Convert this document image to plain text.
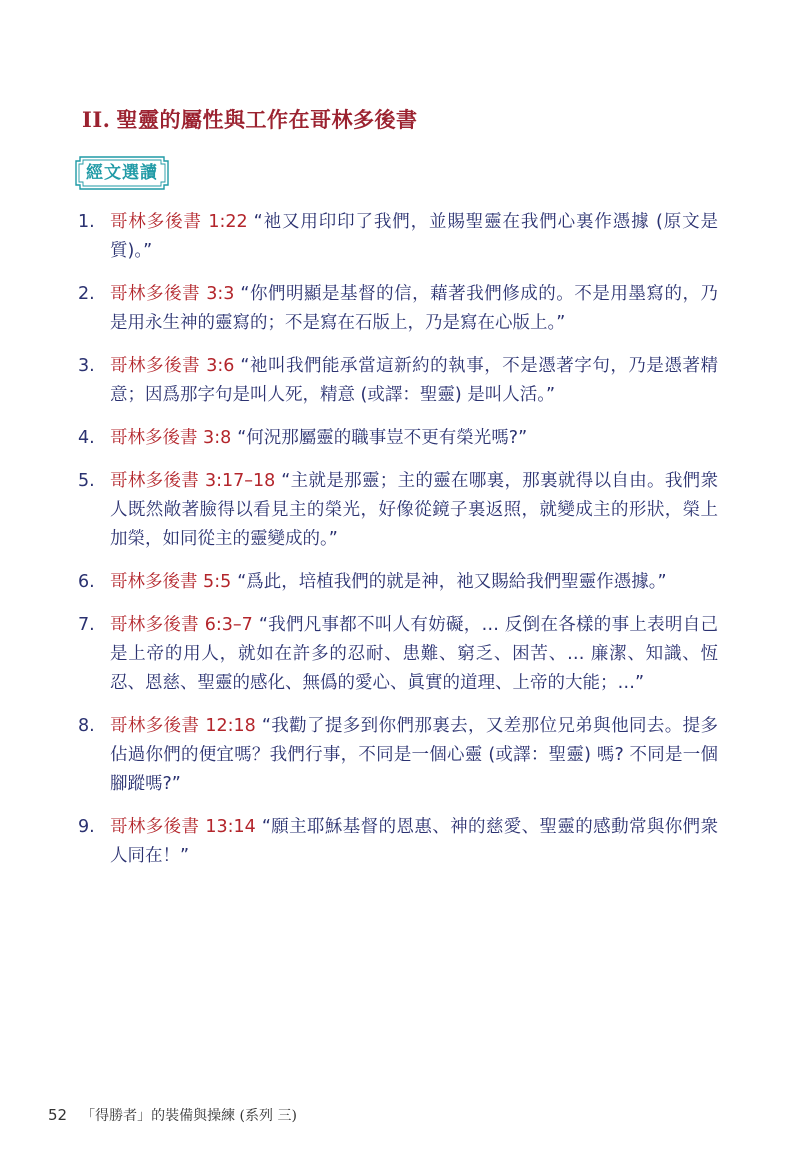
II. 聖靈的屬性與工作在哥林多後書
經文選讀
1. 哥林多後書 1:22 “祂又用印印了我們，並賜聖靈在我們心裏作憑據 (原文是質)。”
2. 哥林多後書 3:3 “你們明顯是基督的信，藉著我們修成的。不是用墨寫的，乃是用永生神的靈寫的；不是寫在石版上，乃是寫在心版上。”
3. 哥林多後書 3:6 “祂叫我們能承當這新約的執事，不是憑著字句，乃是憑著精意；因爲那字句是叫人死，精意 (或譯：聖靈) 是叫人活。”
4. 哥林多後書 3:8 “何況那屬靈的職事豈不更有榮光嗎?”
5. 哥林多後書 3:17–18 “主就是那靈；主的靈在哪裏，那裏就得以自由。我們衆人既然敞著臉得以看見主的榮光，好像從鏡子裏返照，就變成主的形狀，榮上加榮，如同從主的靈變成的。”
6. 哥林多後書 5:5 “爲此，培植我們的就是神，祂又賜給我們聖靈作憑據。”
7. 哥林多後書 6:3–7 “我們凡事都不叫人有妨礙，… 反倒在各樣的事上表明自己是上帝的用人，就如在許多的忍耐、患難、窮乏、困苦、… 廉潔、知識、恆忍、恩慈、聖靈的感化、無僞的愛心、眞實的道理、上帝的大能；…”
8. 哥林多後書 12:18 “我勸了提多到你們那裏去，又差那位兄弟與他同去。提多佔過你們的便宜嗎？我們行事，不同是一個心靈 (或譯：聖靈) 嗎? 不同是一個腳蹤嗎?”
9. 哥林多後書 13:14 “願主耶穌基督的恩惠、神的慈愛、聖靈的感動常與你們衆人同在！”
52 「得勝者」的裝備與操練 (系列 三)
